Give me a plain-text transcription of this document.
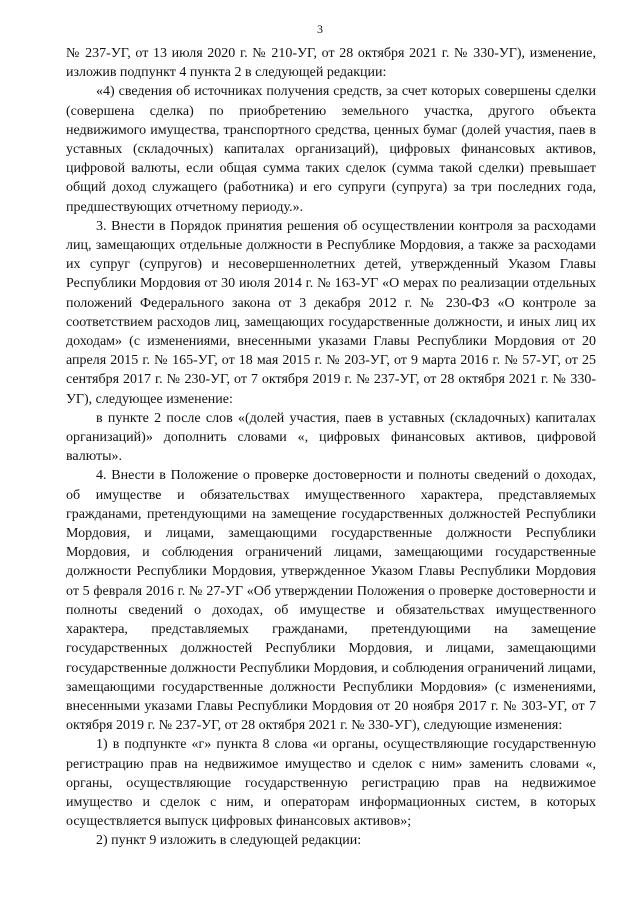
3

№ 237-УГ, от 13 июля 2020 г. № 210-УГ, от 28 октября 2021 г. № 330-УГ), изменение, изложив подпункт 4 пункта 2 в следующей редакции:

«4) сведения об источниках получения средств, за счет которых совершены сделки (совершена сделка) по приобретению земельного участка, другого объекта недвижимого имущества, транспортного средства, ценных бумаг (долей участия, паев в уставных (складочных) капиталах организаций), цифровых финансовых активов, цифровой валюты, если общая сумма таких сделок (сумма такой сделки) превышает общий доход служащего (работника) и его супруги (супруга) за три последних года, предшествующих отчетному периоду.».

3. Внести в Порядок принятия решения об осуществлении контроля за расходами лиц, замещающих отдельные должности в Республике Мордовия, а также за расходами их супруг (супругов) и несовершеннолетних детей, утвержденный Указом Главы Республики Мордовия от 30 июля 2014 г. № 163-УГ «О мерах по реализации отдельных положений Федерального закона от 3 декабря 2012 г. № 230-ФЗ «О контроле за соответствием расходов лиц, замещающих государственные должности, и иных лиц их доходам» (с изменениями, внесенными указами Главы Республики Мордовия от 20 апреля 2015 г. № 165-УГ, от 18 мая 2015 г. № 203-УГ, от 9 марта 2016 г. № 57-УГ, от 25 сентября 2017 г. № 230-УГ, от 7 октября 2019 г. № 237-УГ, от 28 октября 2021 г. № 330-УГ), следующее изменение:

в пункте 2 после слов «(долей участия, паев в уставных (складочных) капиталах организаций)» дополнить словами «, цифровых финансовых активов, цифровой валюты».

4. Внести в Положение о проверке достоверности и полноты сведений о доходах, об имуществе и обязательствах имущественного характера, представляемых гражданами, претендующими на замещение государственных должностей Республики Мордовия, и лицами, замещающими государственные должности Республики Мордовия, и соблюдения ограничений лицами, замещающими государственные должности Республики Мордовия, утвержденное Указом Главы Республики Мордовия от 5 февраля 2016 г. № 27-УГ «Об утверждении Положения о проверке достоверности и полноты сведений о доходах, об имуществе и обязательствах имущественного характера, представляемых гражданами, претендующими на замещение государственных должностей Республики Мордовия, и лицами, замещающими государственные должности Республики Мордовия, и соблюдения ограничений лицами, замещающими государственные должности Республики Мордовия» (с изменениями, внесенными указами Главы Республики Мордовия от 20 ноября 2017 г. № 303-УГ, от 7 октября 2019 г. № 237-УГ, от 28 октября 2021 г. № 330-УГ), следующие изменения:

1) в подпункте «г» пункта 8 слова «и органы, осуществляющие государственную регистрацию прав на недвижимое имущество и сделок с ним» заменить словами «, органы, осуществляющие государственную регистрацию прав на недвижимое имущество и сделок с ним, и операторам информационных систем, в которых осуществляется выпуск цифровых финансовых активов»;

2) пункт 9 изложить в следующей редакции:
